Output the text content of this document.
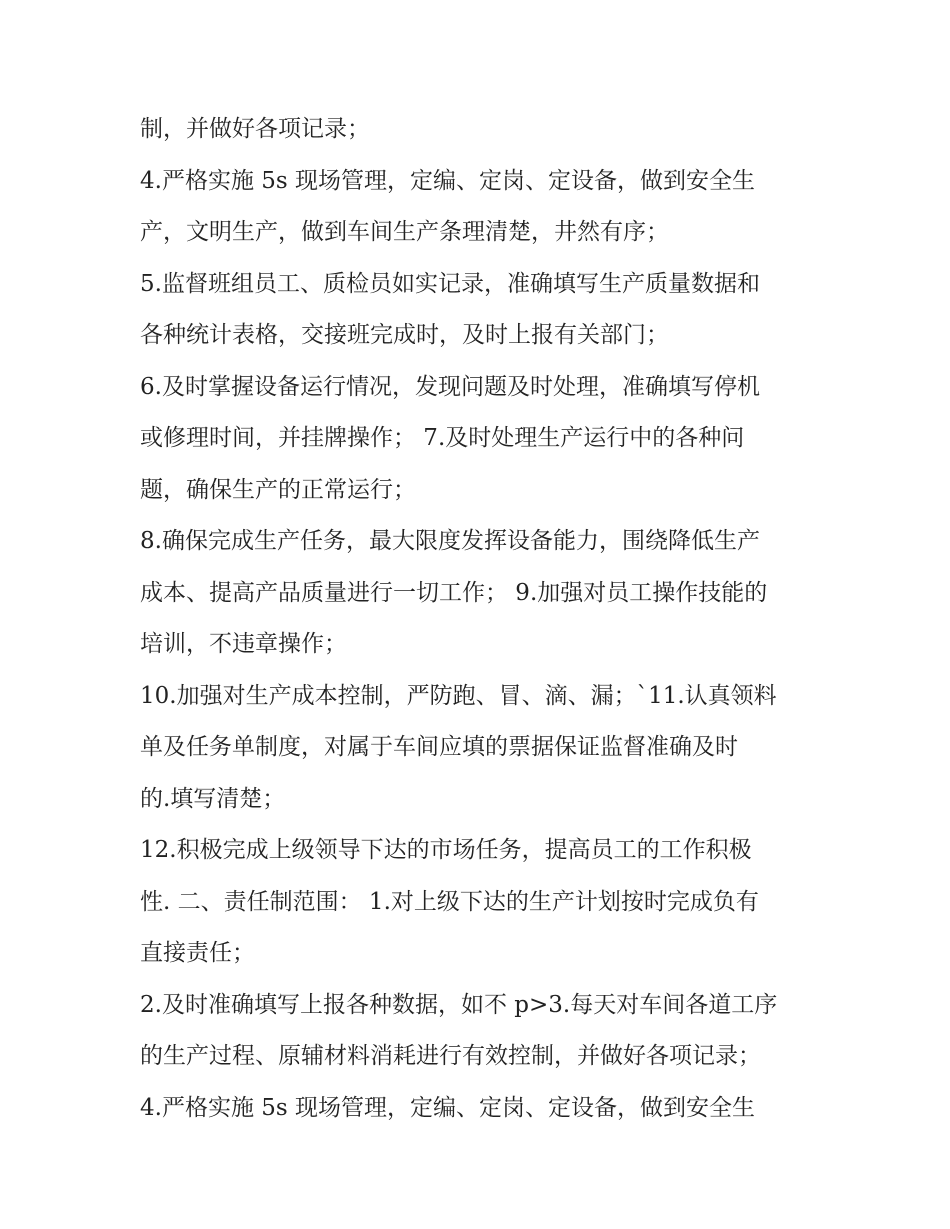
制，并做好各项记录；
4.严格实施 5s 现场管理，定编、定岗、定设备，做到安全生
产，文明生产，做到车间生产条理清楚，井然有序；
5.监督班组员工、质检员如实记录，准确填写生产质量数据和
各种统计表格，交接班完成时，及时上报有关部门；
6.及时掌握设备运行情况，发现问题及时处理，准确填写停机
或修理时间，并挂牌操作； 7.及时处理生产运行中的各种问
题，确保生产的正常运行；
8.确保完成生产任务，最大限度发挥设备能力，围绕降低生产
成本、提高产品质量进行一切工作； 9.加强对员工操作技能的
培训，不违章操作；
10.加强对生产成本控制，严防跑、冒、滴、漏；`11.认真领料
单及任务单制度，对属于车间应填的票据保证监督准确及时
的.填写清楚；
12.积极完成上级领导下达的市场任务，提高员工的工作积极
性. 二、责任制范围： 1.对上级下达的生产计划按时完成负有
直接责任；
2.及时准确填写上报各种数据，如不 p>3.每天对车间各道工序
的生产过程、原辅材料消耗进行有效控制，并做好各项记录；
4.严格实施 5s 现场管理，定编、定岗、定设备，做到安全生
